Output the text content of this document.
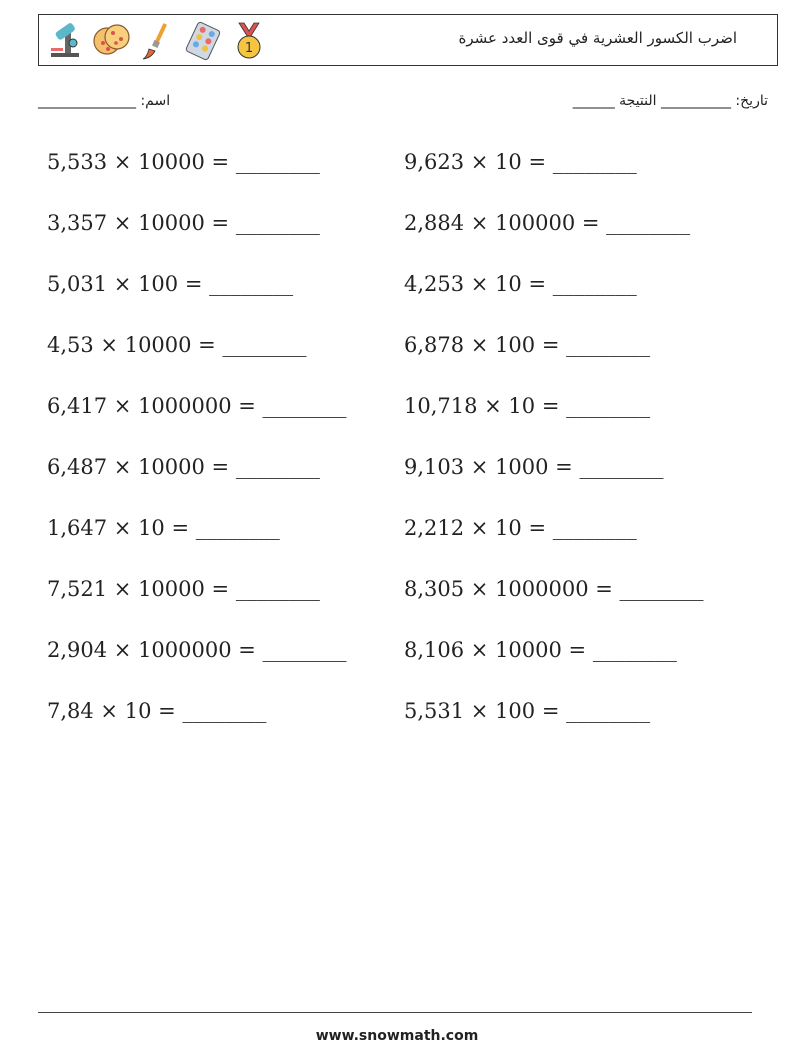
1
اضرب الكسور العشرية في قوى العدد عشرة
اسم: ______________	تاريخ: __________ النتيجة ______
5,533 × 10000 = ________
3,357 × 10000 = ________
5,031 × 100 = ________
4,53 × 10000 = ________
6,417 × 1000000 = ________
6,487 × 10000 = ________
1,647 × 10 = ________
7,521 × 10000 = ________
2,904 × 1000000 = ________
7,84 × 10 = ________
9,623 × 10 = ________
2,884 × 100000 = ________
4,253 × 10 = ________
6,878 × 100 = ________
10,718 × 10 = ________
9,103 × 1000 = ________
2,212 × 10 = ________
8,305 × 1000000 = ________
8,106 × 10000 = ________
5,531 × 100 = ________
www.snowmath.com
